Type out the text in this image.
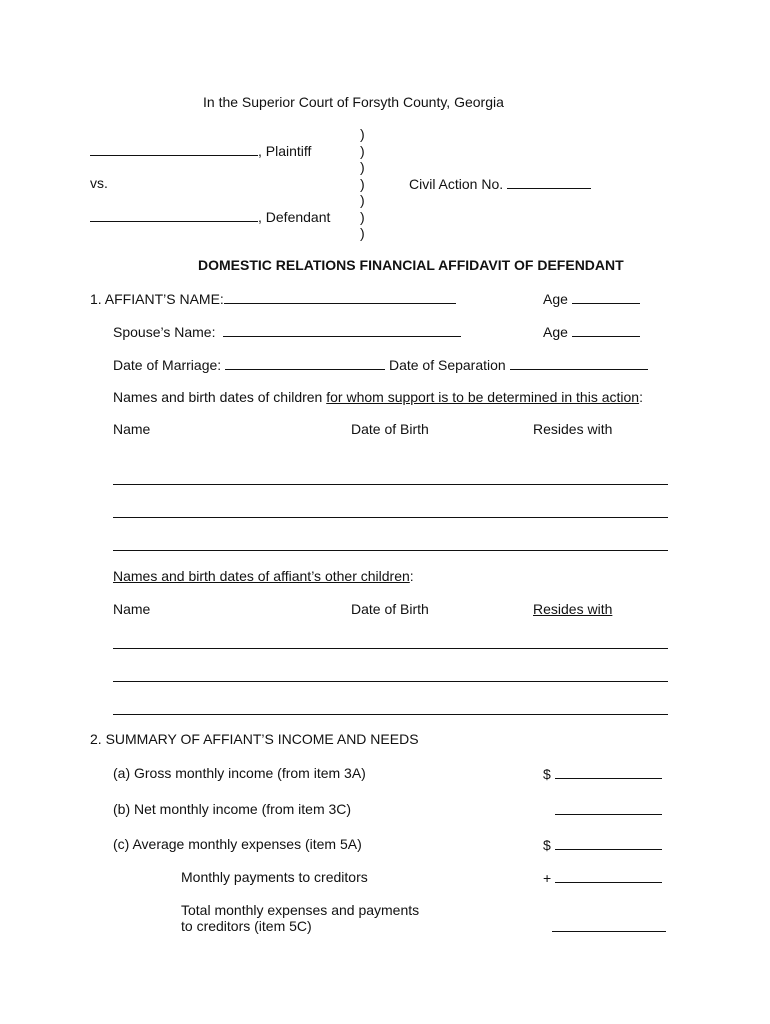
In the Superior Court of Forsyth County, Georgia
, Plaintiff
vs.
, Defendant
)
)
)
)
)
)
)
Civil Action No.
DOMESTIC RELATIONS FINANCIAL AFFIDAVIT OF DEFENDANT
1. AFFIANT’S NAME:	Age
Spouse’s Name:	Age
Date of Marriage:	Date of Separation
Names and birth dates of children for whom support is to be determined in this action:
Name	Date of Birth	Resides with
Names and birth dates of affiant’s other children:
Name	Date of Birth	Resides with
2. SUMMARY OF AFFIANT’S INCOME AND NEEDS
(a) Gross monthly income (from item 3A)	$
(b) Net monthly income (from item 3C)
(c) Average monthly expenses (item 5A)	$
Monthly payments to creditors	+
Total monthly expenses and payments
to creditors (item 5C)
